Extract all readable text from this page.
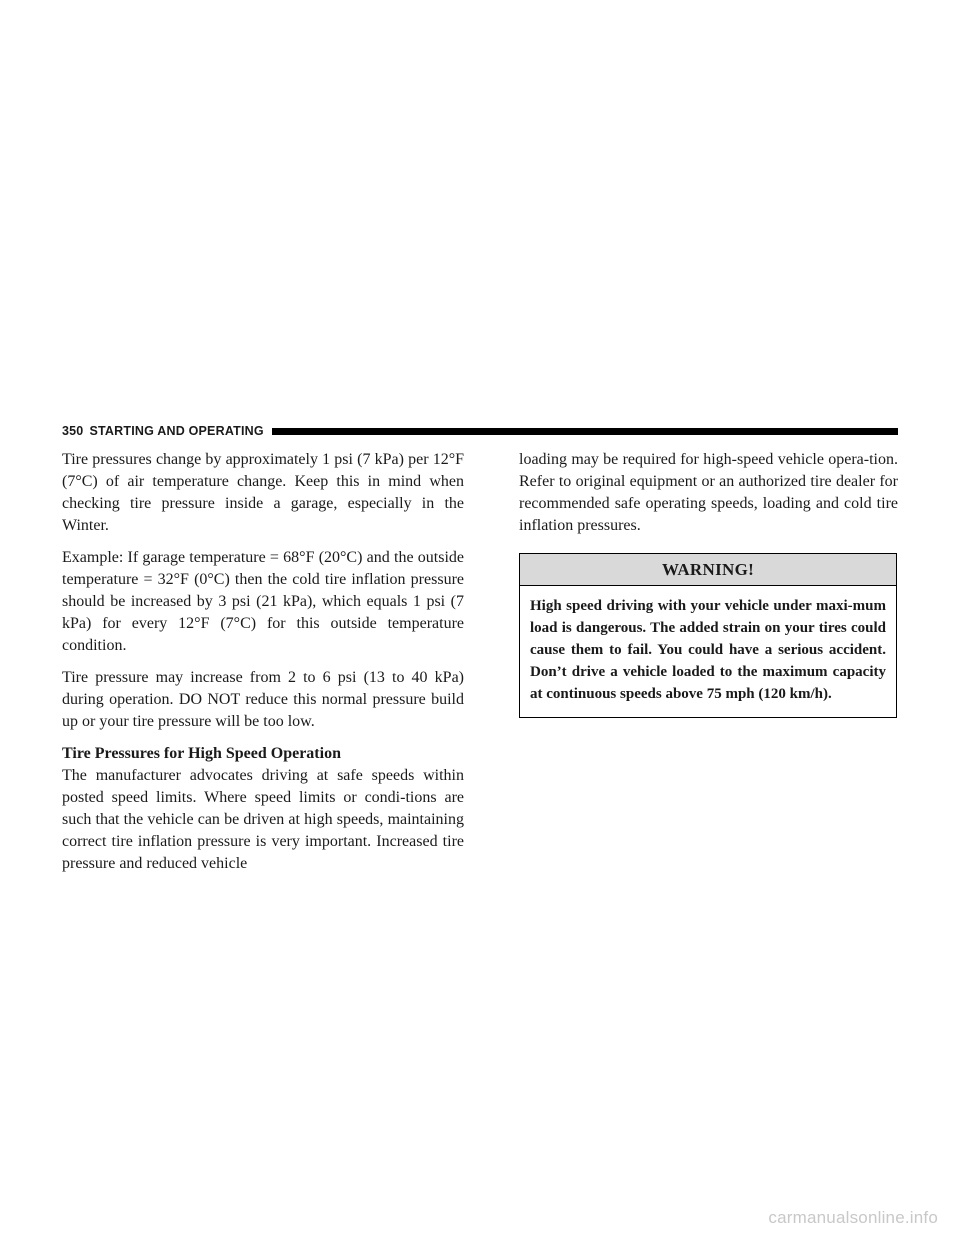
350 STARTING AND OPERATING

Tire pressures change by approximately 1 psi (7 kPa) per 12°F (7°C) of air temperature change. Keep this in mind when checking tire pressure inside a garage, especially in the Winter.

Example: If garage temperature = 68°F (20°C) and the outside temperature = 32°F (0°C) then the cold tire inflation pressure should be increased by 3 psi (21 kPa), which equals 1 psi (7 kPa) for every 12°F (7°C) for this outside temperature condition.

Tire pressure may increase from 2 to 6 psi (13 to 40 kPa) during operation. DO NOT reduce this normal pressure build up or your tire pressure will be too low.

Tire Pressures for High Speed Operation

The manufacturer advocates driving at safe speeds within posted speed limits. Where speed limits or condi-tions are such that the vehicle can be driven at high speeds, maintaining correct tire inflation pressure is very important. Increased tire pressure and reduced vehicle

loading may be required for high-speed vehicle opera-tion. Refer to original equipment or an authorized tire dealer for recommended safe operating speeds, loading and cold tire inflation pressures.

WARNING!
High speed driving with your vehicle under maxi-mum load is dangerous. The added strain on your tires could cause them to fail. You could have a serious accident. Don’t drive a vehicle loaded to the maximum capacity at continuous speeds above 75 mph (120 km/h).
carmanualsonline.info
